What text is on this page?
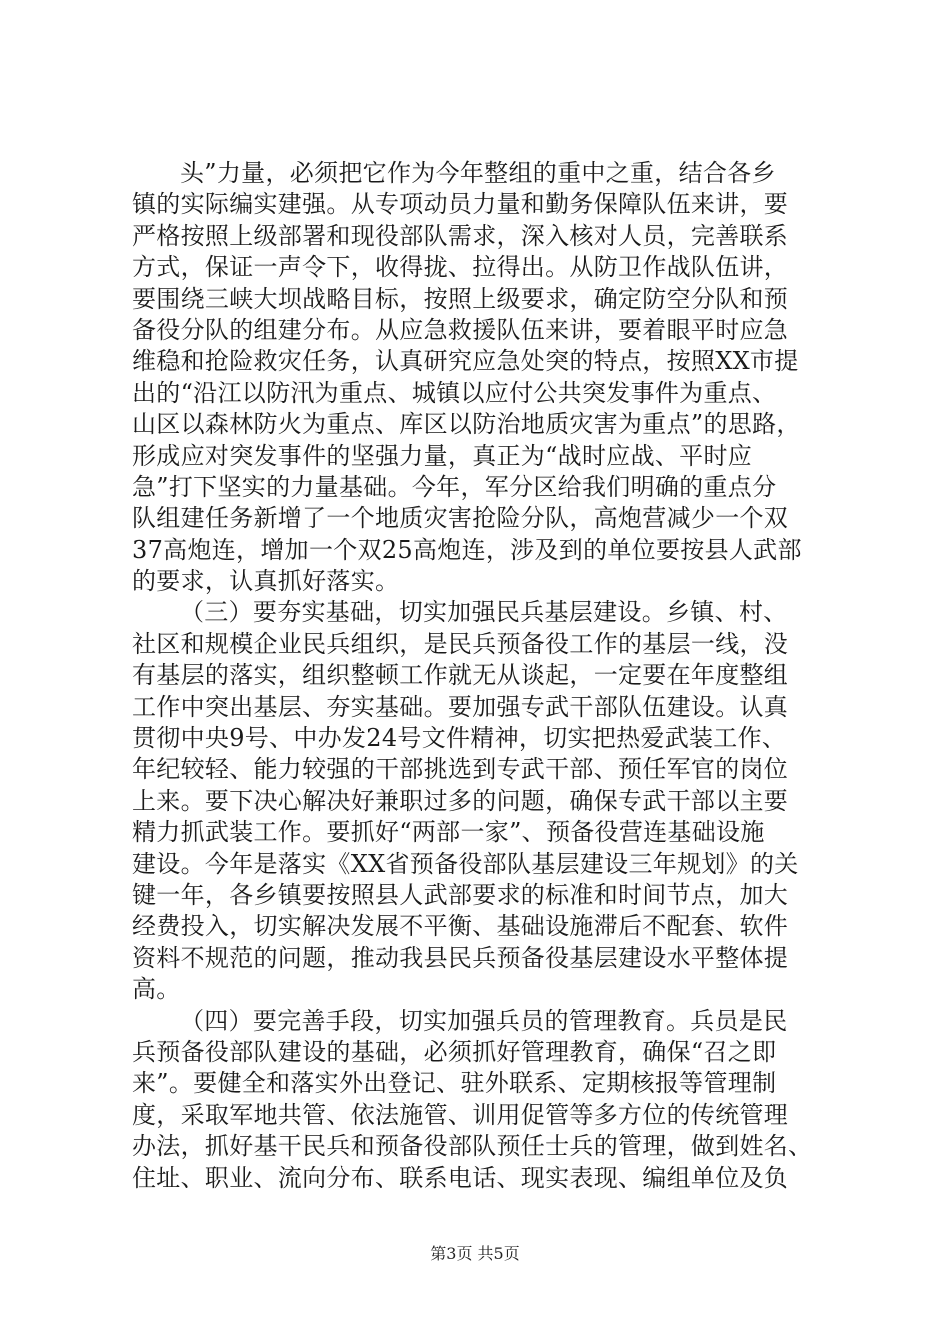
头”力量，必须把它作为今年整组的重中之重，结合各乡
镇的实际编实建强。从专项动员力量和勤务保障队伍来讲，要
严格按照上级部署和现役部队需求，深入核对人员，完善联系
方式，保证一声令下，收得拢、拉得出。从防卫作战队伍讲，
要围绕三峡大坝战略目标，按照上级要求，确定防空分队和预
备役分队的组建分布。从应急救援队伍来讲，要着眼平时应急
维稳和抢险救灾任务，认真研究应急处突的特点，按照XX市提
出的“沿江以防汛为重点、城镇以应付公共突发事件为重点、
山区以森林防火为重点、库区以防治地质灾害为重点”的思路，
形成应对突发事件的坚强力量，真正为“战时应战、平时应
急”打下坚实的力量基础。今年，军分区给我们明确的重点分
队组建任务新增了一个地质灾害抢险分队，高炮营减少一个双
37高炮连，增加一个双25高炮连，涉及到的单位要按县人武部
的要求，认真抓好落实。
（三）要夯实基础，切实加强民兵基层建设。乡镇、村、
社区和规模企业民兵组织，是民兵预备役工作的基层一线，没
有基层的落实，组织整顿工作就无从谈起，一定要在年度整组
工作中突出基层、夯实基础。要加强专武干部队伍建设。认真
贯彻中央9号、中办发24号文件精神，切实把热爱武装工作、
年纪较轻、能力较强的干部挑选到专武干部、预任军官的岗位
上来。要下决心解决好兼职过多的问题，确保专武干部以主要
精力抓武装工作。要抓好“两部一家”、预备役营连基础设施
建设。今年是落实《XX省预备役部队基层建设三年规划》的关
键一年，各乡镇要按照县人武部要求的标准和时间节点，加大
经费投入，切实解决发展不平衡、基础设施滞后不配套、软件
资料不规范的问题，推动我县民兵预备役基层建设水平整体提
高。
（四）要完善手段，切实加强兵员的管理教育。兵员是民
兵预备役部队建设的基础，必须抓好管理教育，确保“召之即
来”。要健全和落实外出登记、驻外联系、定期核报等管理制
度，采取军地共管、依法施管、训用促管等多方位的传统管理
办法，抓好基干民兵和预备役部队预任士兵的管理，做到姓名、
住址、职业、流向分布、联系电话、现实表现、编组单位及负
第3页 共5页
